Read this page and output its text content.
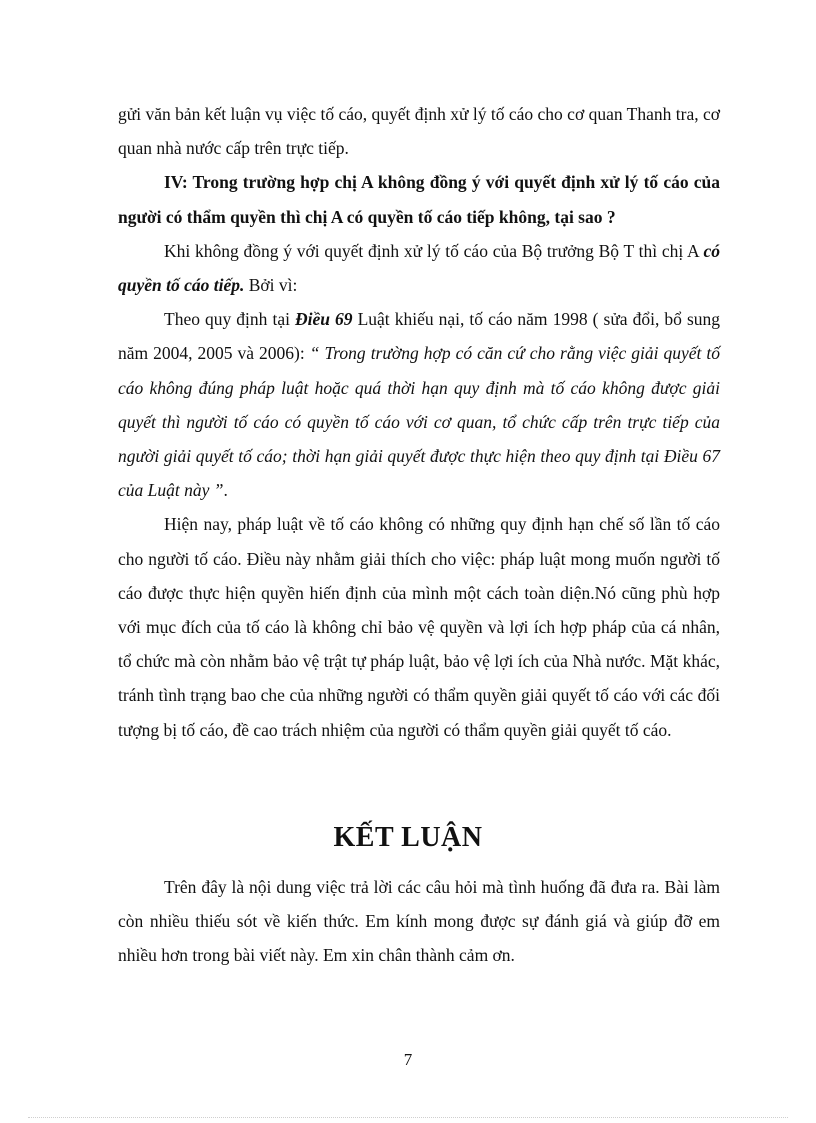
gửi văn bản kết luận vụ việc tố cáo, quyết định xử lý tố cáo cho cơ quan Thanh tra, cơ quan nhà nước cấp trên trực tiếp.

IV: Trong trường hợp chị A không đồng ý với quyết định xử lý tố cáo của người có thẩm quyền thì chị A có quyền tố cáo tiếp không, tại sao ?

Khi không đồng ý với quyết định xử lý tố cáo của Bộ trưởng Bộ T thì chị A có quyền tố cáo tiếp. Bởi vì:

Theo quy định tại Điều 69 Luật khiếu nại, tố cáo năm 1998 ( sửa đổi, bổ sung năm 2004, 2005 và 2006): “ Trong trường hợp có căn cứ cho rằng việc giải quyết tố cáo không đúng pháp luật hoặc quá thời hạn quy định mà tố cáo không được giải quyết thì người tố cáo có quyền tố cáo với cơ quan, tổ chức cấp trên trực tiếp của người giải quyết tố cáo; thời hạn giải quyết được thực hiện theo quy định tại Điều 67 của Luật này ”.

Hiện nay, pháp luật về tố cáo không có những quy định hạn chế số lần tố cáo cho người tố cáo. Điều này nhằm giải thích cho việc: pháp luật mong muốn người tố cáo được thực hiện quyền hiến định của mình một cách toàn diện.Nó cũng phù hợp với mục đích của tố cáo là không chỉ bảo vệ quyền và lợi ích hợp pháp của cá nhân, tổ chức mà còn nhằm bảo vệ trật tự pháp luật, bảo vệ lợi ích của Nhà nước. Mặt khác, tránh tình trạng bao che của những người có thẩm quyền giải quyết tố cáo với các đối tượng bị tố cáo, đề cao trách nhiệm của người có thẩm quyền giải quyết tố cáo.

KẾT LUẬN

Trên đây là nội dung việc trả lời các câu hỏi mà tình huống đã đưa ra. Bài làm còn nhiều thiếu sót về kiến thức. Em kính mong được sự đánh giá và giúp đỡ em nhiều hơn trong bài viết này. Em xin chân thành cảm ơn.

7
